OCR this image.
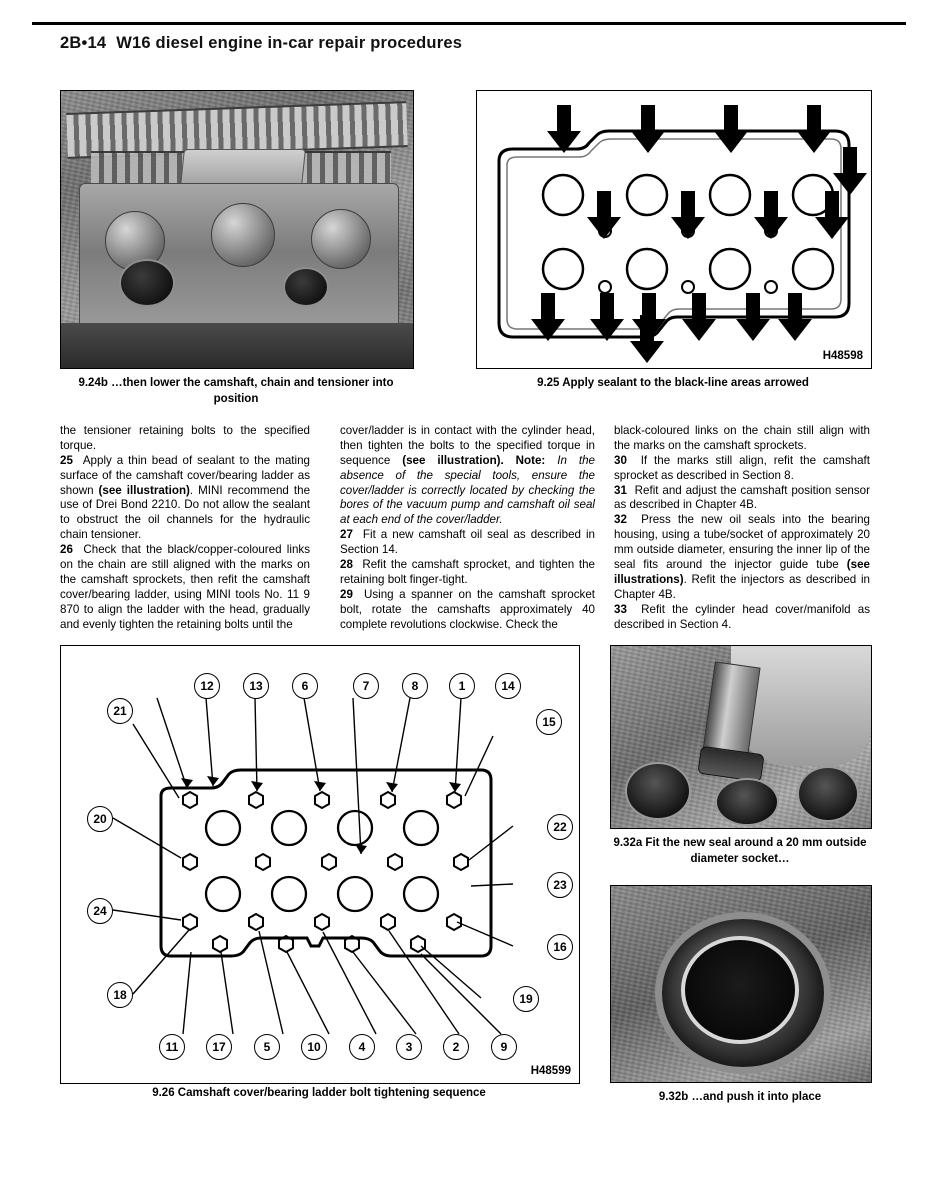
2B•14 W16 diesel engine in-car repair procedures
9.24b …then lower the camshaft, chain and tensioner into position
H48598
9.25 Apply sealant to the black-line areas arrowed

the tensioner retaining bolts to the specified torque.

25 Apply a thin bead of sealant to the mating surface of the camshaft cover/bearing ladder as shown (see illustration). MINI recommend the use of Drei Bond 2210. Do not allow the sealant to obstruct the oil channels for the hydraulic chain tensioner.

26 Check that the black/copper-coloured links on the chain are still aligned with the marks on the camshaft sprockets, then refit the camshaft cover/bearing ladder, using MINI tools No. 11 9 870 to align the ladder with the head, gradually and evenly tighten the retaining bolts until the

cover/ladder is in contact with the cylinder head, then tighten the bolts to the specified torque in sequence (see illustration). Note: In the absence of the special tools, ensure the cover/ladder is correctly located by checking the bores of the vacuum pump and camshaft oil seal at each end of the cover/ladder.

27 Fit a new camshaft oil seal as described in Section 14.

28 Refit the camshaft sprocket, and tighten the retaining bolt finger-tight.

29 Using a spanner on the camshaft sprocket bolt, rotate the camshafts approximately 40 complete revolutions clockwise. Check the

black-coloured links on the chain still align with the marks on the camshaft sprockets.

30 If the marks still align, refit the camshaft sprocket as described in Section 8.

31 Refit and adjust the camshaft position sensor as described in Chapter 4B.

32 Press the new oil seals into the bearing housing, using a tube/socket of approximately 20 mm outside diameter, ensuring the inner lip of the seal fits around the injector guide tube (see illustrations). Refit the injectors as described in Chapter 4B.

33 Refit the cylinder head cover/manifold as described in Section 4.

12	13	6	7	8	1	14
21
15
20
22
24
23
16
18	19
11	17	5	10	4	3	2	9
H48599
9.26 Camshaft cover/bearing ladder bolt tightening sequence
9.32a Fit the new seal around a 20 mm outside diameter socket…
9.32b …and push it into place
